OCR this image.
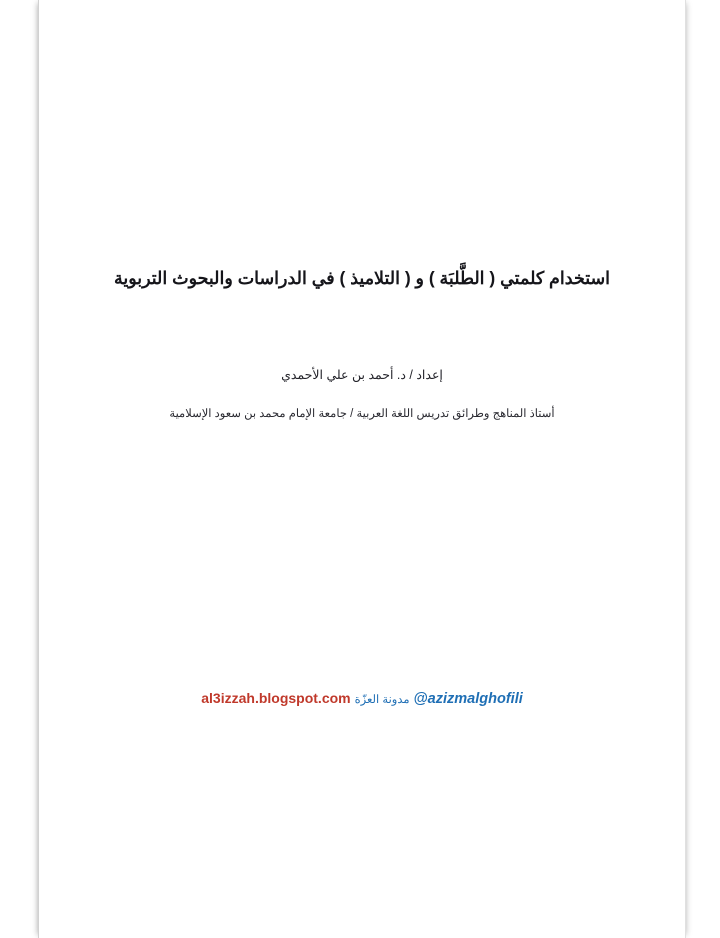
استخدام كلمتي ( الطَّلبَة ) و ( التلاميذ ) في الدراسات والبحوث التربوية
إعداد / د. أحمد بن علي الأحمدي
أستاذ المناهج وطرائق تدريس اللغة العربية / جامعة الإمام محمد بن سعود الإسلامية
@azizmalghofili
مدونة العزّة
al3izzah.blogspot.com
